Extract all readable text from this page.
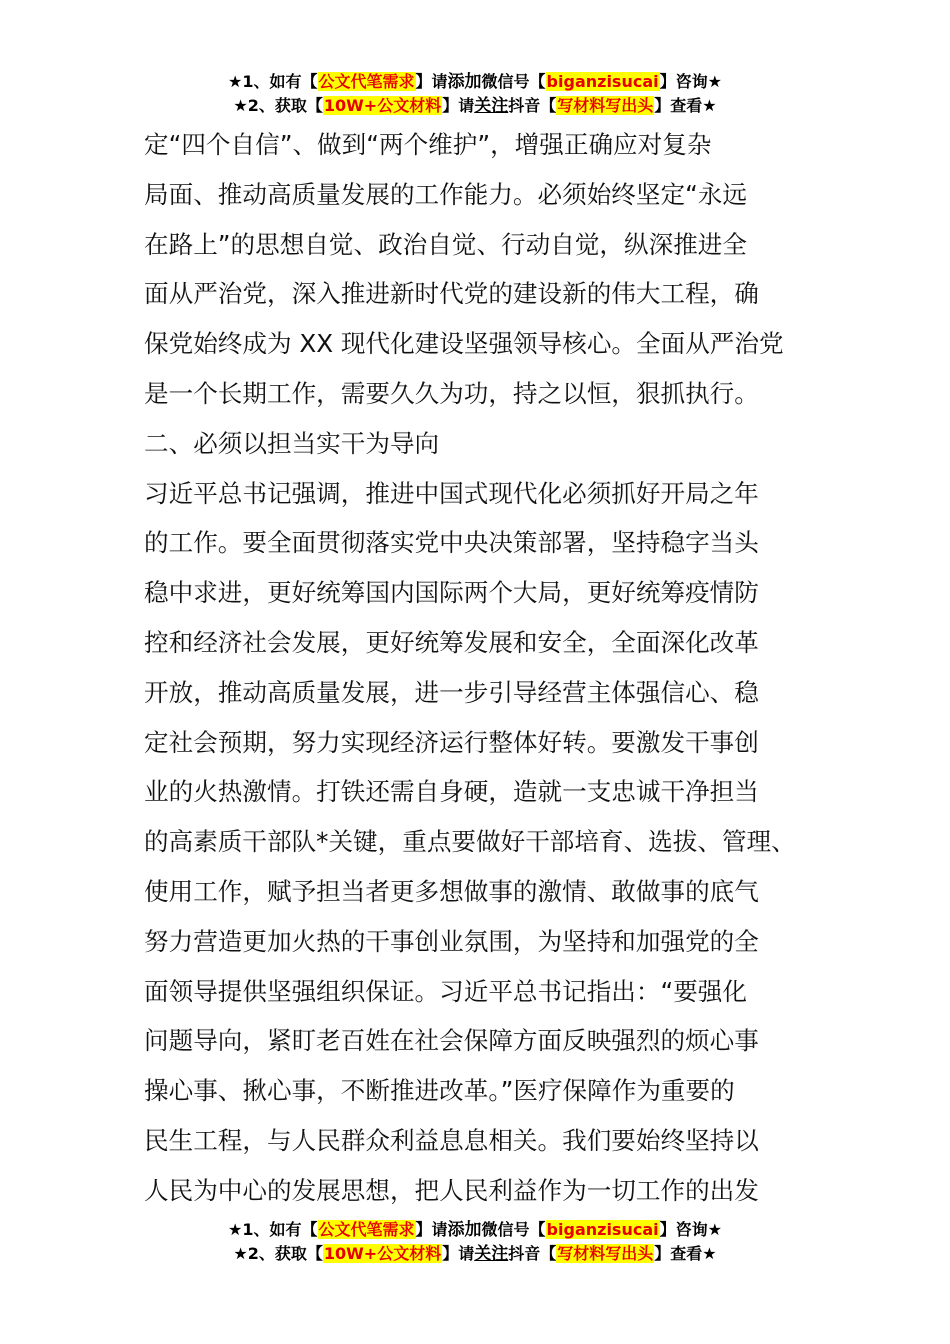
★1、如有【公文代笔需求】请添加微信号【biganzisucai】咨询★
★2、获取【10W+公文材料】请关注抖音【写材料写出头】查看★
定“四个自信”、做到“两个维护”，增强正确应对复杂
局面、推动高质量发展的工作能力。必须始终坚定“永远
在路上”的思想自觉、政治自觉、行动自觉，纵深推进全
面从严治党，深入推进新时代党的建设新的伟大工程，确
保党始终成为 XX 现代化建设坚强领导核心。全面从严治党
是一个长期工作，需要久久为功，持之以恒，狠抓执行。
二、必须以担当实干为导向
习近平总书记强调，推进中国式现代化必须抓好开局之年
的工作。要全面贯彻落实党中央决策部署，坚持稳字当头
稳中求进，更好统筹国内国际两个大局，更好统筹疫情防
控和经济社会发展，更好统筹发展和安全，全面深化改革
开放，推动高质量发展，进一步引导经营主体强信心、稳
定社会预期，努力实现经济运行整体好转。要激发干事创
业的火热激情。打铁还需自身硬，造就一支忠诚干净担当
的高素质干部队*关键，重点要做好干部培育、选拔、管理、
使用工作，赋予担当者更多想做事的激情、敢做事的底气
努力营造更加火热的干事创业氛围，为坚持和加强党的全
面领导提供坚强组织保证。习近平总书记指出：“要强化
问题导向，紧盯老百姓在社会保障方面反映强烈的烦心事
操心事、揪心事，不断推进改革。”医疗保障作为重要的
民生工程，与人民群众利益息息相关。我们要始终坚持以
人民为中心的发展思想，把人民利益作为一切工作的出发
★1、如有【公文代笔需求】请添加微信号【biganzisucai】咨询★
★2、获取【10W+公文材料】请关注抖音【写材料写出头】查看★
